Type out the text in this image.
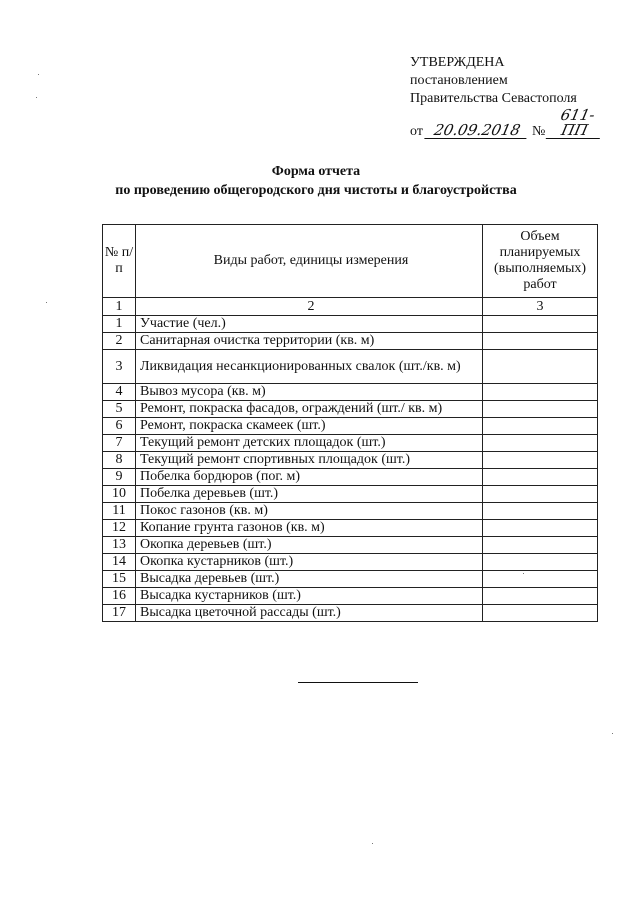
УТВЕРЖДЕНА
постановлением
Правительства Севастополя
от 20.09.2018 № 611-ПП
Форма отчета
по проведению общегородского дня чистоты и благоустройства
№ п/п	Виды работ, единицы измерения	Объем планируемых (выполняемых) работ
1	2	3
1	Участие (чел.)	
2	Санитарная очистка территории (кв. м)	
3	Ликвидация несанкционированных свалок (шт./кв. м)	
4	Вывоз мусора (кв. м)	
5	Ремонт, покраска фасадов, ограждений (шт./ кв. м)	
6	Ремонт, покраска скамеек (шт.)	
7	Текущий ремонт детских площадок (шт.)	
8	Текущий ремонт спортивных площадок (шт.)	
9	Побелка бордюров (пог. м)	
10	Побелка деревьев (шт.)	
11	Покос газонов (кв. м)	
12	Копание грунта газонов (кв. м)	
13	Окопка деревьев (шт.)	
14	Окопка кустарников (шт.)	
15	Высадка деревьев (шт.)	
16	Высадка кустарников (шт.)	
17	Высадка цветочной рассады (шт.)	
